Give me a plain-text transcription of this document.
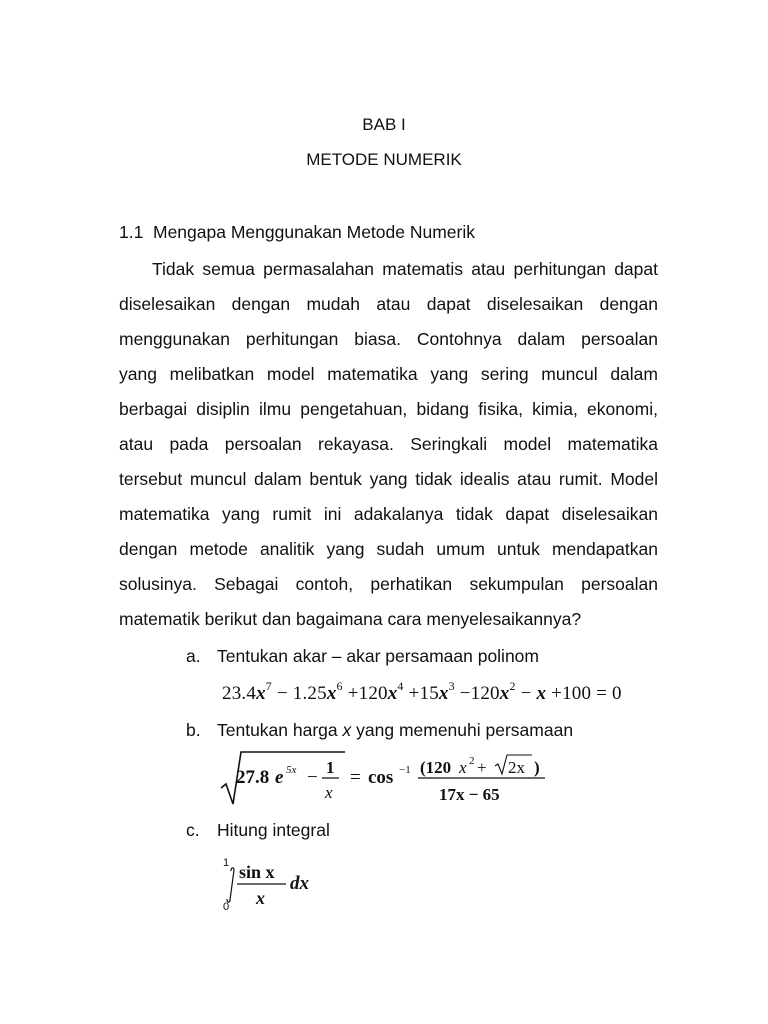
BAB I
METODE NUMERIK
1.1 Mengapa Menggunakan Metode Numerik
Tidak semua permasalahan matematis atau perhitungan dapat
diselesaikan dengan mudah atau dapat diselesaikan dengan
menggunakan perhitungan biasa. Contohnya dalam persoalan
yang melibatkan model matematika yang sering muncul dalam
berbagai disiplin ilmu pengetahuan, bidang fisika, kimia, ekonomi,
atau pada persoalan rekayasa. Seringkali model matematika
tersebut muncul dalam bentuk yang tidak idealis atau rumit. Model
matematika yang rumit ini adakalanya tidak dapat diselesaikan
dengan metode analitik yang sudah umum untuk mendapatkan
solusinya. Sebagai contoh, perhatikan sekumpulan persoalan
matematik berikut dan bagaimana cara menyelesaikannya?
a. Tentukan akar – akar persamaan polinom
$23.4x^7 - 1.25x^6 +120x^4 +15x^3 -120x^2 - x +100 = 0$
b. Tentukan harga x yang memenuhi persamaan
27.8 e 5x − 1
x
= cos −1 (120 x 2 + 2x )
17x − 65
c. Hitung integral
1
0
sin x
x
dx
